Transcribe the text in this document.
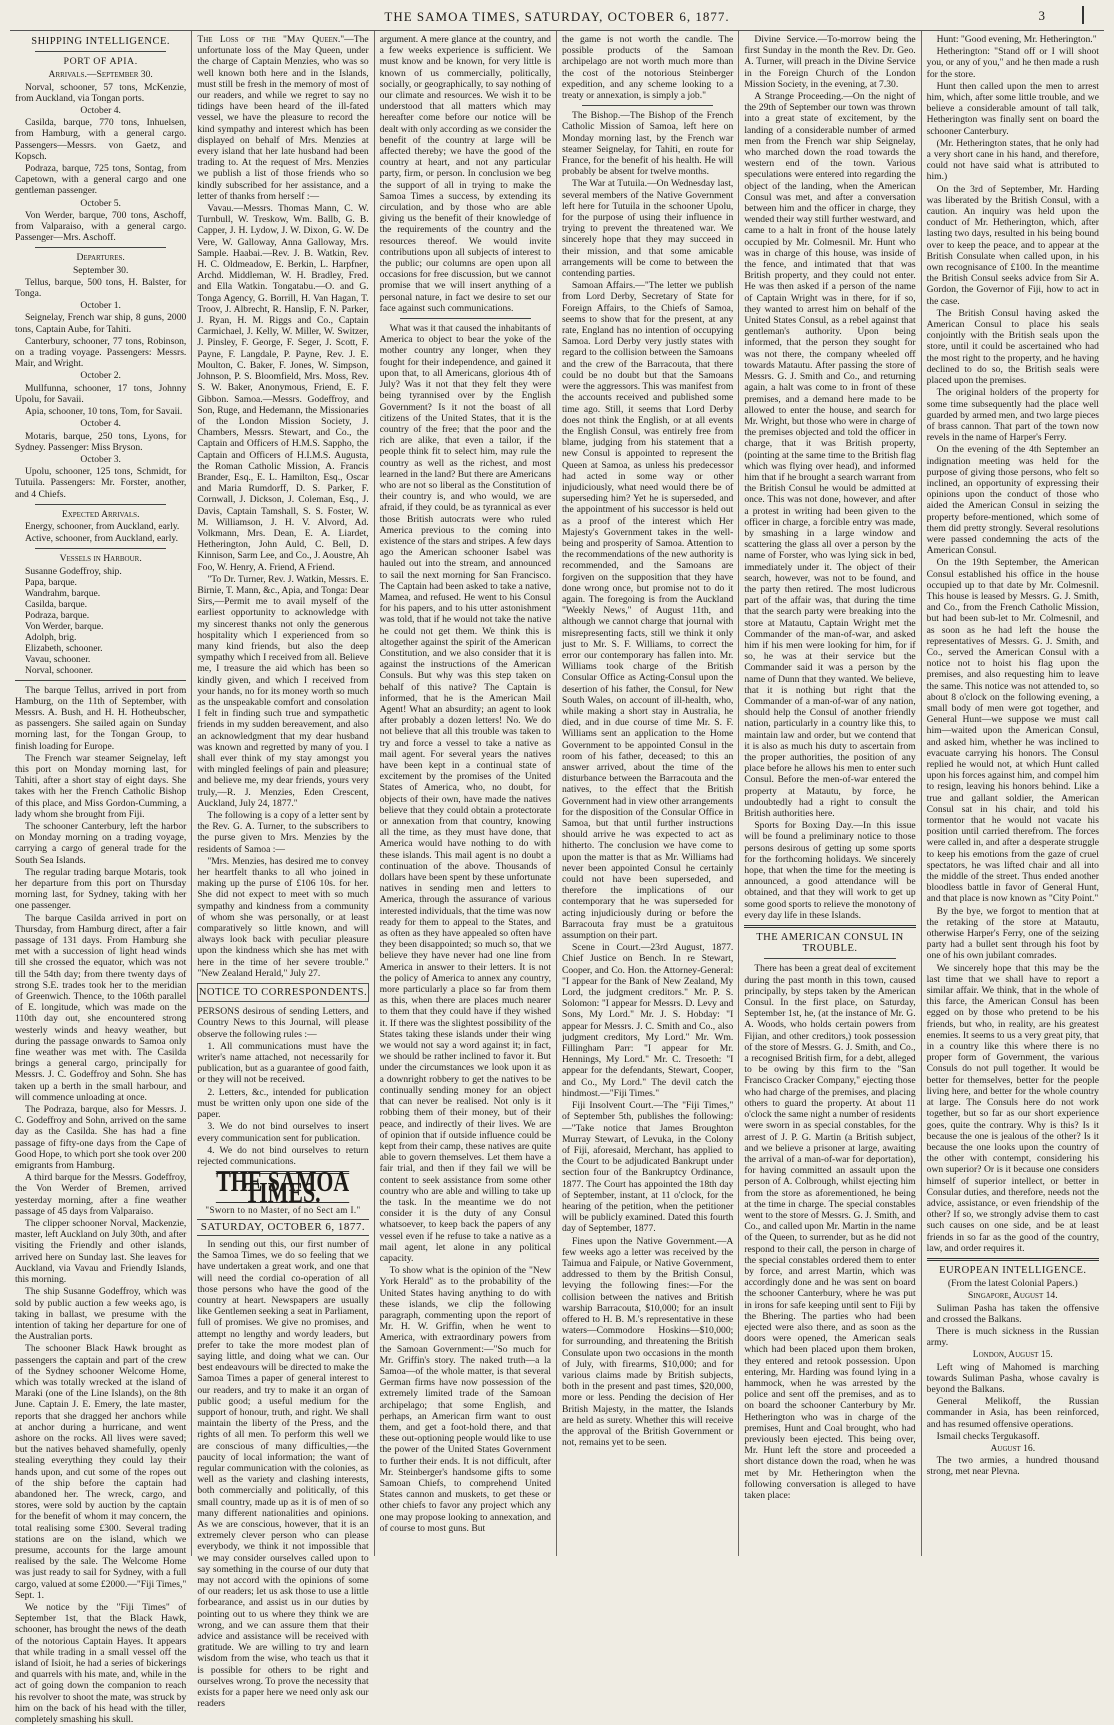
THE SAMOA TIMES, SATURDAY, OCTOBER 6, 1877.	3
SHIPPING INTELLIGENCE.
PORT OF APIA.

Arrivals.—September 30.

Norval, schooner, 57 tons, McKenzie, from Auckland, via Tongan ports.

October 4.

Casilda, barque, 770 tons, Inhuelsen, from Hamburg, with a general cargo. Passengers—Messrs. von Gaetz, and Kopsch.

Podraza, barque, 725 tons, Sontag, from Capetown, with a general cargo and one gentleman passenger.

October 5.

Von Werder, barque, 700 tons, Aschoff, from Valparaiso, with a general cargo. Passenger—Mrs. Aschoff.

Departures.

September 30.

Tellus, barque, 500 tons, H. Balster, for Tonga.

October 1.

Seignelay, French war ship, 8 guns, 2000 tons, Captain Aube, for Tahiti.

Canterbury, schooner, 77 tons, Robinson, on a trading voyage. Passengers: Messrs. Mair, and Wright.

October 2.

Mullfunna, schooner, 17 tons, Johnny Upolu, for Savaii.

Apia, schooner, 10 tons, Tom, for Savaii.

October 4.

Motaris, barque, 250 tons, Lyons, for Sydney. Passenger: Miss Bryson.

October 3.

Upolu, schooner, 125 tons, Schmidt, for Tutuila. Passengers: Mr. Forster, another, and 4 Chiefs.

Expected Arrivals.

Energy, schooner, from Auckland, early.

Active, schooner, from Auckland, early.

Vessels in Harbour.

Susanne Godeffroy, ship.
Papa, barque.
Wandrahm, barque.
Casilda, barque.
Podraza, barque.
Von Werder, barque.
Adolph, brig.
Elizabeth, schooner.
Vavau, schooner.
Norval, schooner.

The barque Tellus, arrived in port from Hamburg, on the 11th of September, with Messrs. A. Bush, and H. H. Hotheubscher, as passengers. She sailed again on Sunday morning last, for the Tongan Group, to finish loading for Europe.

The French war steamer Seignelay, left this port on Monday morning last, for Tahiti, after a short stay of eight days. She takes with her the French Catholic Bishop of this place, and Miss Gordon-Cumming, a lady whom she brought from Fiji.

The schooner Canterbury, left the harbor on Monday morning on a trading voyage, carrying a cargo of general trade for the South Sea Islands.

The regular trading barque Motaris, took her departure from this port on Thursday morning last, for Sydney, taking with her one passenger.

The barque Casilda arrived in port on Thursday, from Hamburg direct, after a fair passage of 131 days. From Hamburg she met with a succession of light head winds till she crossed the equator, which was not till the 54th day; from there twenty days of strong S.E. trades took her to the meridian of Greenwich. Thence, to the 106th parallel of E. longitude, which was made on the 110th day out, she encountered strong westerly winds and heavy weather, but during the passage onwards to Samoa only fine weather was met with. The Casilda brings a general cargo, principally for Messrs. J. C. Godeffroy and Sohn. She has taken up a berth in the small harbour, and will commence unloading at once.

The Podraza, barque, also for Messrs. J. C. Godeffroy and Sohn, arrived on the same day as the Casilda. She has had a fine passage of fifty-one days from the Cape of Good Hope, to which port she took over 200 emigrants from Hamburg.

A third barque for the Messrs. Godeffroy, the Von Werder of Bremen, arrived yesterday morning, after a fine weather passage of 45 days from Valparaiso.

The clipper schooner Norval, Mackenzie, master, left Auckland on July 30th, and after visiting the Friendly and other islands, arrived here on Sunday last. She leaves for Auckland, via Vavau and Friendly Islands, this morning.

The ship Susanne Godeffroy, which was sold by public auction a few weeks ago, is taking in ballast, we presume with the intention of taking her departure for one of the Australian ports.

The schooner Black Hawk brought as passengers the captain and part of the crew of the Sydney schooner Welcome Home, which was totally wrecked at the island of Maraki (one of the Line Islands), on the 8th June. Captain J. E. Emery, the late master, reports that she dragged her anchors while at anchor during a hurricane, and went ashore on the rocks. All lives were saved; but the natives behaved shamefully, openly stealing everything they could lay their hands upon, and cut some of the ropes out of the ship before the captain had abandoned her. The wreck, cargo, and stores, were sold by auction by the captain for the benefit of whom it may concern, the total realising some £300. Several trading stations are on the island, which we presume, accounts for the large amount realised by the sale. The Welcome Home was just ready to sail for Sydney, with a full cargo, valued at some £2000.—"Fiji Times," Sept. 1.

We notice by the "Fiji Times" of September 1st, that the Black Hawk, schooner, has brought the news of the death of the notorious Captain Hayes. It appears that while trading in a small vessel off the island of Isioit, he had a series of bickerings and quarrels with his mate, and, while in the act of going down the companion to reach his revolver to shoot the mate, was struck by him on the back of his head with the tiller, completely smashing his skull.

The Loss of the "May Queen."—The unfortunate loss of the May Queen, under the charge of Captain Menzies, who was so well known both here and in the Islands, must still be fresh in the memory of most of our readers, and while we regret to say no tidings have been heard of the ill-fated vessel, we have the pleasure to record the kind sympathy and interest which has been displayed on behalf of Mrs. Menzies at every island that her late husband had been trading to. At the request of Mrs. Menzies we publish a list of those friends who so kindly subscribed for her assistance, and a letter of thanks from herself :—

Vavau.—Messrs. Thomas Mann, C. W. Turnbull, W. Treskow, Wm. Ballb, G. B. Capper, J. H. Lydow, J. W. Dixon, G. W. De Vere, W. Galloway, Anna Galloway, Mrs. Sample. Haabai.—Rev. J. B. Watkin, Rev. H. C. Oldmeadow, E. Berkin, L. Harpfner, Archd. Middleman, W. H. Bradley, Fred. and Ella Watkin. Tongatabu.—O. and G. Tonga Agency, G. Borrill, H. Van Hagan, T. Troov, J. Albrecht, R. Hanslip, F. N. Parker, J. Ryan, H. M. Riggs and Co., Captain Carmichael, J. Kelly, W. Miller, W. Switzer, J. Pinsley, F. George, F. Seger, J. Scott, F. Payne, F. Langdale, P. Payne, Rev. J. E. Moulton, C. Baker, F. Jones, W. Simpson, Johnson, P. S. Bloomfield, Mrs. Moss, Rev. S. W. Baker, Anonymous, Friend, E. F. Gibbon. Samoa.—Messrs. Godeffroy, and Son, Ruge, and Hedemann, the Missionaries of the London Mission Society, J. Chambers, Messrs. Stewart, and Co., the Captain and Officers of H.M.S. Sappho, the Captain and Officers of H.I.M.S. Augusta, the Roman Catholic Mission, A. Francis Brander, Esq., E. L. Hamilton, Esq., Oscar and Maria Rumdorff, D. S. Parker, F. Cornwall, J. Dickson, J. Coleman, Esq., J. Davis, Captain Tamshall, S. S. Foster, W. M. Williamson, J. H. V. Alvord, Ad. Volkmann, Mrs. Dean, E. A. Liardet, Hetherington, John Auld, C. Bell, D. Kinnison, Sarm Lee, and Co., J. Aoustre, Ah Foo, W. Henry, A. Friend, A Friend.

"To Dr. Turner, Rev. J. Watkin, Messrs. E. Birnie, T. Mann, &c., Apia, and Tonga: Dear Sirs,—Permit me to avail myself of the earliest opportunity to acknowledge with my sincerest thanks not only the generous hospitality which I experienced from so many kind friends, but also the deep sympathy which I received from all. Believe me, I treasure the aid which has been so kindly given, and which I received from your hands, no for its money worth so much as the unspeakable comfort and consolation I felt in finding such true and sympathetic friends in my sudden bereavement, and also an acknowledgment that my dear husband was known and regretted by many of you. I shall ever think of my stay amongst you with mingled feelings of pain and pleasure; and believe me, my dear friends, yours very truly,—R. J. Menzies, Eden Crescent, Auckland, July 24, 1877."

The following is a copy of a letter sent by the Rev. G. A. Turner, to the subscribers to the purse given to Mrs. Menzies by the residents of Samoa :—

"Mrs. Menzies, has desired me to convey her heartfelt thanks to all who joined in making up the purse of £106 10s. for her. She did not expect to meet with so much sympathy and kindness from a community of whom she was personally, or at least comparatively so little known, and will always look back with peculiar pleasure upon the kindness which she has met with here in the time of her severe trouble." "New Zealand Herald," July 27.

NOTICE TO CORRESPONDENTS.

PERSONS desirous of sending Letters, and Country News to this Journal, will please observe the following rules :—

1. All communications must have the writer's name attached, not necessarily for publication, but as a guarantee of good faith, or they will not be received.

2. Letters, &c., intended for publication must be written only upon one side of the paper.

3. We do not bind ourselves to insert every communication sent for publication.

4. We do not bind ourselves to return rejected communications.

THE SAMOA TIMES.
"Sworn to no Master, of no Sect am I."
SATURDAY, OCTOBER 6, 1877.

In sending out this, our first number of the Samoa Times, we do so feeling that we have undertaken a great work, and one that will need the cordial co-operation of all those persons who have the good of the country at heart. Newspapers are usually like Gentlemen seeking a seat in Parliament, full of promises. We give no promises, and attempt no lengthy and wordy leaders, but prefer to take the more modest plan of saying little, and doing what we can. Our best endeavours will be directed to make the Samoa Times a paper of general interest to our readers, and try to make it an organ of public good; a useful medium for the support of honour, truth, and right. We shall maintain the liberty of the Press, and the rights of all men. To perform this well we are conscious of many difficulties,—the paucity of local information; the want of regular communication with the colonies, as well as the variety and clashing interests, both commercially and politically, of this small country, made up as it is of men of so many different nationalities and opinions. As we are conscious, however, that it is an extremely clever person who can please everybody, we think it not impossible that we may consider ourselves called upon to say something in the course of our duty that may not accord with the opinions of some of our readers; let us ask those to use a little forbearance, and assist us in our duties by pointing out to us where they think we are wrong, and we can assure them that their advice and assistance will be received with gratitude. We are willing to try and learn wisdom from the wise, who teach us that it is possible for others to be right and ourselves wrong. To prove the necessity that exists for a paper here we need only ask our readers

argument. A mere glance at the country, and a few weeks experience is sufficient. We must know and be known, for very little is known of us commercially, politically, socially, or geographically, to say nothing of our climate and resources. We wish it to be understood that all matters which may hereafter come before our notice will be dealt with only according as we consider the benefit of the country at large will be affected thereby; we have the good of the country at heart, and not any particular party, firm, or person. In conclusion we beg the support of all in trying to make the Samoa Times a success, by extending its circulation, and by those who are able giving us the benefit of their knowledge of the requirements of the country and the resources thereof. We would invite contributions upon all subjects of interest to the public; our columns are open upon all occasions for free discussion, but we cannot promise that we will insert anything of a personal nature, in fact we desire to set our face against such communications.

What was it that caused the inhabitants of America to object to bear the yoke of the mother country any longer, when they fought for their independence, and gained it upon that, to all Americans, glorious 4th of July? Was it not that they felt they were being tyrannised over by the English Government? Is it not the boast of all citizens of the United States, that it is the country of the free; that the poor and the rich are alike, that even a tailor, if the people think fit to select him, may rule the country as well as the richest, and most learned in the land? But there are Americans who are not so liberal as the Constitution of their country is, and who would, we are afraid, if they could, be as tyrannical as ever those British autocrats were who ruled America previous to the coming into existence of the stars and stripes. A few days ago the American schooner Isabel was hauled out into the stream, and announced to sail the next morning for San Francisco. The Captain had been asked to take a native, Mamea, and refused. He went to his Consul for his papers, and to his utter astonishment was told, that if he would not take the native he could not get them. We think this is altogether against the spirit of the American Constitution, and we also consider that it is against the instructions of the American Consuls. But why was this step taken on behalf of this native? The Captain is informed, that he is the American Mail Agent! What an absurdity; an agent to look after probably a dozen letters! No. We do not believe that all this trouble was taken to try and force a vessel to take a native as mail agent. For several years the natives have been kept in a continual state of excitement by the promises of the United States of America, who, no doubt, for objects of their own, have made the natives believe that they could obtain a protectorate or annexation from that country, knowing all the time, as they must have done, that America would have nothing to do with these islands. This mail agent is no doubt a continuation of the above. Thousands of dollars have been spent by these unfortunate natives in sending men and letters to America, through the assurance of various interested individuals, that the time was now ready for them to appeal to the States, and as often as they have appealed so often have they been disappointed; so much so, that we believe they have never had one line from America in answer to their letters. It is not the policy of America to annex any country, more particularly a place so far from them as this, when there are places much nearer to them that they could have if they wished it. If there was the slightest possibility of the States taking these islands under their wing we would not say a word against it; in fact, we should be rather inclined to favor it. But under the circumstances we look upon it as a downright robbery to get the natives to be continually sending money for an object that can never be realised. Not only is it robbing them of their money, but of their peace, and indirectly of their lives. We are of opinion that if outside influence could be kept from their camp, these natives are quite able to govern themselves. Let them have a fair trial, and then if they fail we will be content to seek assistance from some other country who are able and willing to take up the task. In the meantime we do not consider it is the duty of any Consul whatsoever, to keep back the papers of any vessel even if he refuse to take a native as a mail agent, let alone in any political capacity.

To show what is the opinion of the "New York Herald" as to the probability of the United States having anything to do with these islands, we clip the following paragraph, commenting upon the report of Mr. H. W. Griffin, when he went to America, with extraordinary powers from the Samoan Government:—"So much for Mr. Griffin's story. The naked truth—a la Samoa—of the whole matter, is that several German firms have now possession of the extremely limited trade of the Samoan archipelago; that some English, and perhaps, an American firm want to oust them, and get a foot-hold there, and that these out-optioning people would like to use the power of the United States Government to further their ends. It is not difficult, after Mr. Steinberger's handsome gifts to some Samoan Chiefs, to comprehend United States cannon and muskets, to get these or other chiefs to favor any project which any one may propose looking to annexation, and of course to most guns. But

the game is not worth the candle. The possible products of the Samoan archipelago are not worth much more than the cost of the notorious Steinberger expedition, and any scheme looking to a treaty or annexation, is simply a job."

The Bishop.—The Bishop of the French Catholic Mission of Samoa, left here on Monday morning last, by the French war steamer Seignelay, for Tahiti, en route for France, for the benefit of his health. He will probably be absent for twelve months.

The War at Tutuila.—On Wednesday last, several members of the Native Government left here for Tutuila in the schooner Upolu, for the purpose of using their influence in trying to prevent the threatened war. We sincerely hope that they may succeed in their mission, and that some amicable arrangements will be come to between the contending parties.

Samoan Affairs.—"The letter we publish from Lord Derby, Secretary of State for Foreign Affairs, to the Chiefs of Samoa, seems to show that for the present, at any rate, England has no intention of occupying Samoa. Lord Derby very justly states with regard to the collision between the Samoans and the crew of the Barracouta, that there could be no doubt but that the Samoans were the aggressors. This was manifest from the accounts received and published some time ago. Still, it seems that Lord Derby does not think the English, or at all events the English Consul, was entirely free from blame, judging from his statement that a new Consul is appointed to represent the Queen at Samoa, as unless his predecessor had acted in some way or other injudiciously, what need would there be of superseding him? Yet he is superseded, and the appointment of his successor is held out as a proof of the interest which Her Majesty's Government takes in the well-being and prosperity of Samoa. Attention to the recommendations of the new authority is recommended, and the Samoans are forgiven on the supposition that they have done wrong once, but promise not to do it again. The foregoing is from the Auckland "Weekly News," of August 11th, and although we cannot charge that journal with misrepresenting facts, still we think it only just to Mr. S. F. Williams, to correct the error our contemporary has fallen into. Mr. Williams took charge of the British Consular Office as Acting-Consul upon the desertion of his father, the Consul, for New South Wales, on account of ill-health, who, while making a short stay in Australia, he died, and in due course of time Mr. S. F. Williams sent an application to the Home Government to be appointed Consul in the room of his father, deceased; to this an answer arrived, about the time of the disturbance between the Barracouta and the natives, to the effect that the British Government had in view other arrangements for the disposition of the Consular Office in Samoa, but that until further instructions should arrive he was expected to act as hitherto. The conclusion we have come to upon the matter is that as Mr. Williams had never been appointed Consul he certainly could not have been superseded, and therefore the implications of our contemporary that he was superseded for acting injudiciously during or before the Barracouta fray must be a gratuitous assumption on their part.

Scene in Court.—23rd August, 1877. Chief Justice on Bench. In re Stewart, Cooper, and Co. Hon. the Attorney-General: "I appear for the Bank of New Zealand, My Lord, the judgment creditors." Mr. P. S. Solomon: "I appear for Messrs. D. Levy and Sons, My Lord." Mr. J. S. Hobday: "I appear for Messrs. J. C. Smith and Co., also judgment creditors, My Lord." Mr. Wm. Fillingham Parr: "I appear for Mr. Hennings, My Lord." Mr. C. Tresoeth: "I appear for the defendants, Stewart, Cooper, and Co., My Lord." The devil catch the hindmost.—"Fiji Times."

Fiji Insolvent Court.—The "Fiji Times," of September 5th, publishes the following:—"Take notice that James Broughton Murray Stewart, of Levuka, in the Colony of Fiji, aforesaid, Merchant, has applied to the Court to be adjudicated Bankrupt under section four of the Bankruptcy Ordinance, 1877. The Court has appointed the 18th day of September, instant, at 11 o'clock, for the hearing of the petition, when the petitioner will be publicly examined. Dated this fourth day of September, 1877.

Fines upon the Native Government.—A few weeks ago a letter was received by the Taimua and Faipule, or Native Government, addressed to them by the British Consul, levying the following fines:—For the collision between the natives and British warship Barracouta, $10,000; for an insult offered to H. B. M.'s representative in these waters—Commodore Hoskins—$10,000; for surrounding, and threatening the British Consulate upon two occasions in the month of July, with firearms, $10,000; and for various claims made by British subjects, both in the present and past times, $20,000, more or less. Pending the decision of Her British Majesty, in the matter, the Islands are held as surety. Whether this will receive the approval of the British Government or not, remains yet to be seen.

Divine Service.—To-morrow being the first Sunday in the month the Rev. Dr. Geo. A. Turner, will preach in the Divine Service in the Foreign Church of the London Mission Society, in the evening, at 7.30.

A Strange Proceeding.—On the night of the 29th of September our town was thrown into a great state of excitement, by the landing of a considerable number of armed men from the French war ship Seignelay, who marched down the road towards the western end of the town. Various speculations were entered into regarding the object of the landing, when the American Consul was met, and after a conversation between him and the officer in charge, they wended their way still further westward, and came to a halt in front of the house lately occupied by Mr. Colmesnil. Mr. Hunt who was in charge of this house, was inside of the fence, and intimated that that was British property, and they could not enter. He was then asked if a person of the name of Captain Wright was in there, for if so, they wanted to arrest him on behalf of the United States Consul, as a rebel against that gentleman's authority. Upon being informed, that the person they sought for was not there, the company wheeled off towards Matautu. After passing the store of Messrs. G. J. Smith and Co., and returning again, a halt was come to in front of these premises, and a demand here made to be allowed to enter the house, and search for Mr. Wright, but those who were in charge of the premises objected and told the officer in charge, that it was British property, (pointing at the same time to the British flag which was flying over head), and informed him that if he brought a search warrant from the British Consul he would be admitted at once. This was not done, however, and after a protest in writing had been given to the officer in charge, a forcible entry was made, by smashing in a large window and scattering the glass all over a person by the name of Forster, who was lying sick in bed, immediately under it. The object of their search, however, was not to be found, and the party then retired. The most ludicrous part of the affair was, that during the time that the search party were breaking into the store at Matautu, Captain Wright met the Commander of the man-of-war, and asked him if his men were looking for him, for if so, he was at their service but the Commander said it was a person by the name of Dunn that they wanted. We believe, that it is nothing but right that the Commander of a man-of-war of any nation, should help the Consul of another friendly nation, particularly in a country like this, to maintain law and order, but we contend that it is also as much his duty to ascertain from the proper authorities, the position of any place before he allows his men to enter such Consul. Before the men-of-war entered the property at Matautu, by force, he undoubtedly had a right to consult the British authorities here.

Sports for Boxing Day.—In this issue will be found a preliminary notice to those persons desirous of getting up some sports for the forthcoming holidays. We sincerely hope, that when the time for the meeting is announced, a good attendance will be obtained, and that they will work to get up some good sports to relieve the monotony of every day life in these Islands.

THE AMERICAN CONSUL IN TROUBLE.

There has been a great deal of excitement during the past month in this town, caused principally, by steps taken by the American Consul. In the first place, on Saturday, September 1st, he, (at the instance of Mr. G. A. Woods, who holds certain powers from Fijian, and other creditors,) took possession of the store of Messrs. G. J. Smith, and Co., a recognised British firm, for a debt, alleged to be owing by this firm to the "San Francisco Cracker Company," ejecting those who had charge of the premises, and placing others to guard the property. At about 11 o'clock the same night a number of residents were sworn in as special constables, for the arrest of J. P. G. Martin (a British subject, and we believe a prisoner at large, awaiting the arrival of a man-of-war for deportation), for having committed an assault upon the person of A. Colbrough, whilst ejecting him from the store as aforementioned, he being at the time in charge. The special constables went to the store of Messrs. G. J. Smith, and Co., and called upon Mr. Martin in the name of the Queen, to surrender, but as he did not respond to their call, the person in charge of the special constables ordered them to enter by force, and arrest Martin, which was accordingly done and he was sent on board the schooner Canterbury, where he was put in irons for safe keeping until sent to Fiji by the Bhering. The parties who had been ejected were also there, and as soon as the doors were opened, the American seals which had been placed upon them broken, they entered and retook possession. Upon entering, Mr. Harding was found lying in a hammock, when he was arrested by the police and sent off the premises, and as to on board the schooner Canterbury by Mr. Hetherington who was in charge of the premises, Hunt and Coal brought, who had previously been ejected. This being over, Mr. Hunt left the store and proceeded a short distance down the road, when he was met by Mr. Hetherington when the following conversation is alleged to have taken place:

Hunt: "Good evening, Mr. Hetherington."

Hetherington: "Stand off or I will shoot you, or any of you," and he then made a rush for the store.

Hunt then called upon the men to arrest him, which, after some little trouble, and we believe a considerable amount of tall talk, Hetherington was finally sent on board the schooner Canterbury.

(Mr. Hetherington states, that he only had a very short cane in his hand, and therefore, could not have said what is attributed to him.)

On the 3rd of September, Mr. Harding was liberated by the British Consul, with a caution. An inquiry was held upon the conduct of Mr. Hetherington, which, after lasting two days, resulted in his being bound over to keep the peace, and to appear at the British Consulate when called upon, in his own recognisance of £100. In the meantime the British Consul seeks advice from Sir A. Gordon, the Governor of Fiji, how to act in the case.

The British Consul having asked the American Consul to place his seals conjointly with the British seals upon the store, until it could be ascertained who had the most right to the property, and he having declined to do so, the British seals were placed upon the premises.

The original holders of the property for some time subsequently had the place well guarded by armed men, and two large pieces of brass cannon. That part of the town now revels in the name of Harper's Ferry.

On the evening of the 4th September an indignation meeting was held for the purpose of giving those persons, who felt so inclined, an opportunity of expressing their opinions upon the conduct of those who aided the American Consul in seizing the property before-mentioned, which some of them did pretty strongly. Several resolutions were passed condemning the acts of the American Consul.

On the 19th September, the American Consul established his office in the house occupied up to that date by Mr. Colmesnil. This house is leased by Messrs. G. J. Smith, and Co., from the French Catholic Mission, but had been sub-let to Mr. Colmesnil, and as soon as he had left the house the representatives of Messrs. G. J. Smith, and Co., served the American Consul with a notice not to hoist his flag upon the premises, and also requesting him to leave the same. This notice was not attended to, so about 8 o'clock on the following evening, a small body of men were got together, and General Hunt—we suppose we must call him—waited upon the American Consul, and asked him, whether he was inclined to evacuate carrying his honors. The Consul replied he would not, at which Hunt called upon his forces against him, and compel him to resign, leaving his honors behind. Like a true and gallant soldier, the American Consul sat in his chair, and told his tormentor that he would not vacate his position until carried therefrom. The forces were called in, and after a desperate struggle to keep his emotions from the gaze of cruel spectators, he was lifted chair and all into the middle of the street. Thus ended another bloodless battle in favor of General Hunt, and that place is now known as "City Point."

By the bye, we forgot to mention that at the retaking of the store at Matautu, otherwise Harper's Ferry, one of the seizing party had a bullet sent through his foot by one of his own jubilant comrades.

We sincerely hope that this may be the last time that we shall have to report a similar affair. We think, that in the whole of this farce, the American Consul has been egged on by those who pretend to be his friends, but who, in reality, are his greatest enemies. It seems to us a very great pity, that in a country like this where there is no proper form of Government, the various Consuls do not pull together. It would be better for themselves, better for the people living here, and better for the whole country at large. The Consuls here do not work together, but so far as our short experience goes, quite the contrary. Why is this? Is it because the one is jealous of the other? Is it because the one looks upon the country of the other with contempt, considering his own superior? Or is it because one considers himself of superior intellect, or better in Consular duties, and therefore, needs not the advice, assistance, or even friendship of the other? If so, we strongly advise them to cast such causes on one side, and be at least friends in so far as the good of the country, law, and order requires it.

EUROPEAN INTELLIGENCE.

(From the latest Colonial Papers.)

Singapore, August 14.

Suliman Pasha has taken the offensive and crossed the Balkans.

There is much sickness in the Russian army.

London, August 15.

Left wing of Mahomed is marching towards Suliman Pasha, whose cavalry is beyond the Balkans.

General Melikoff, the Russian commander in Asia, has been reinforced, and has resumed offensive operations.

Ismail checks Tergukasoff.

August 16.

The two armies, a hundred thousand strong, met near Plevna.
